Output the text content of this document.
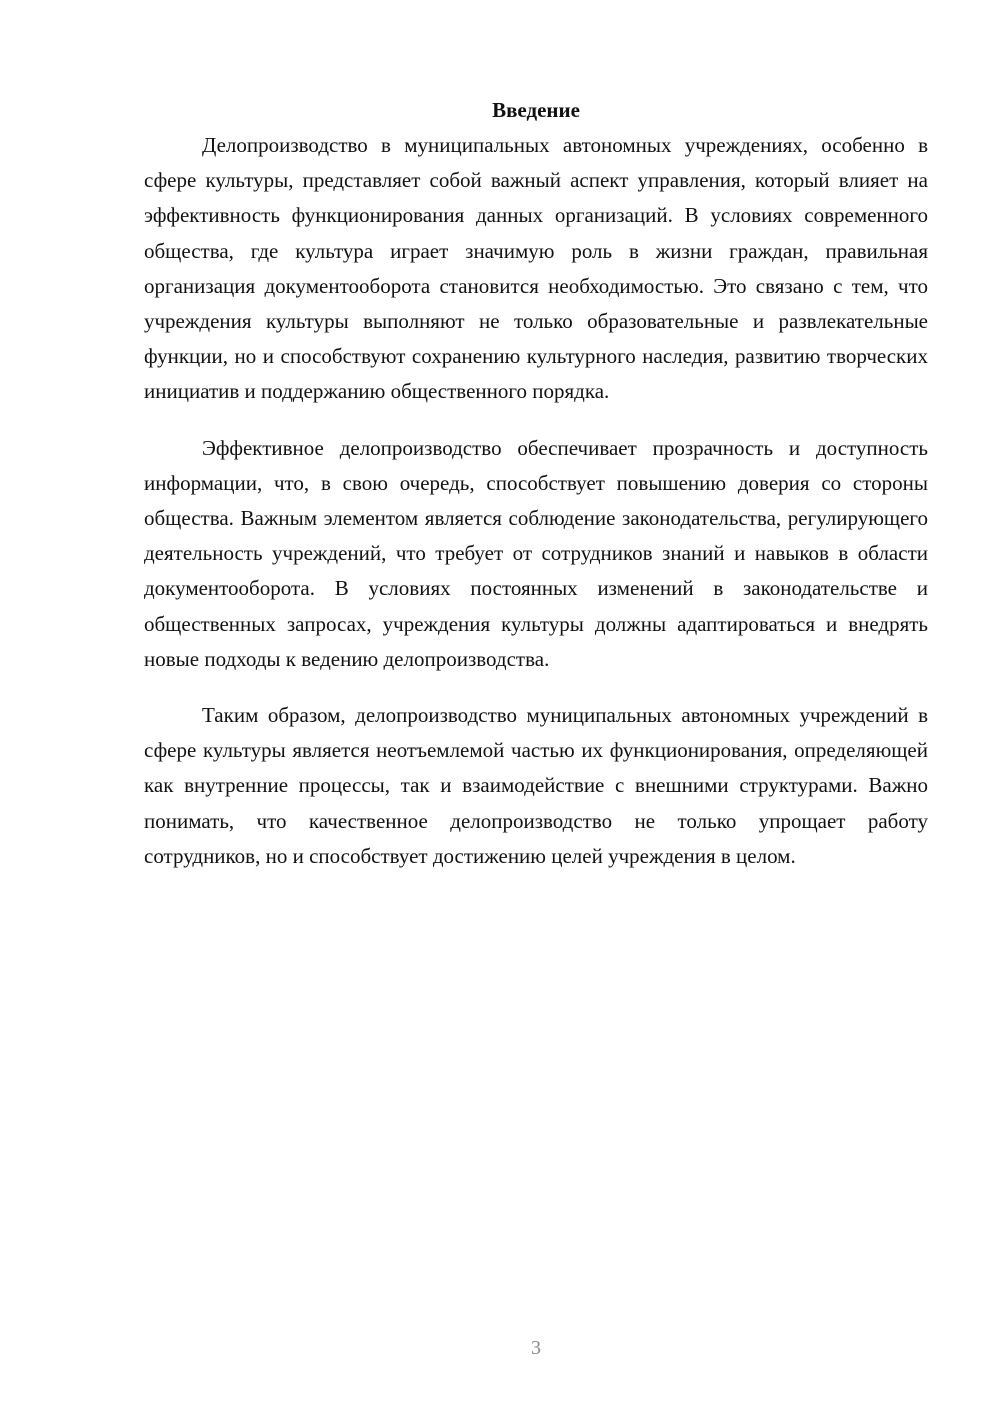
Введение

Делопроизводство в муниципальных автономных учреждениях, особенно в сфере культуры, представляет собой важный аспект управления, который влияет на эффективность функционирования данных организаций. В условиях современного общества, где культура играет значимую роль в жизни граждан, правильная организация документооборота становится необходимостью. Это связано с тем, что учреждения культуры выполняют не только образовательные и развлекательные функции, но и способствуют сохранению культурного наследия, развитию творческих инициатив и поддержанию общественного порядка.

Эффективное делопроизводство обеспечивает прозрачность и доступность информации, что, в свою очередь, способствует повышению доверия со стороны общества. Важным элементом является соблюдение законодательства, регулирующего деятельность учреждений, что требует от сотрудников знаний и навыков в области документооборота. В условиях постоянных изменений в законодательстве и общественных запросах, учреждения культуры должны адаптироваться и внедрять новые подходы к ведению делопроизводства.

Таким образом, делопроизводство муниципальных автономных учреждений в сфере культуры является неотъемлемой частью их функционирования, определяющей как внутренние процессы, так и взаимодействие с внешними структурами. Важно понимать, что качественное делопроизводство не только упрощает работу сотрудников, но и способствует достижению целей учреждения в целом.

3
